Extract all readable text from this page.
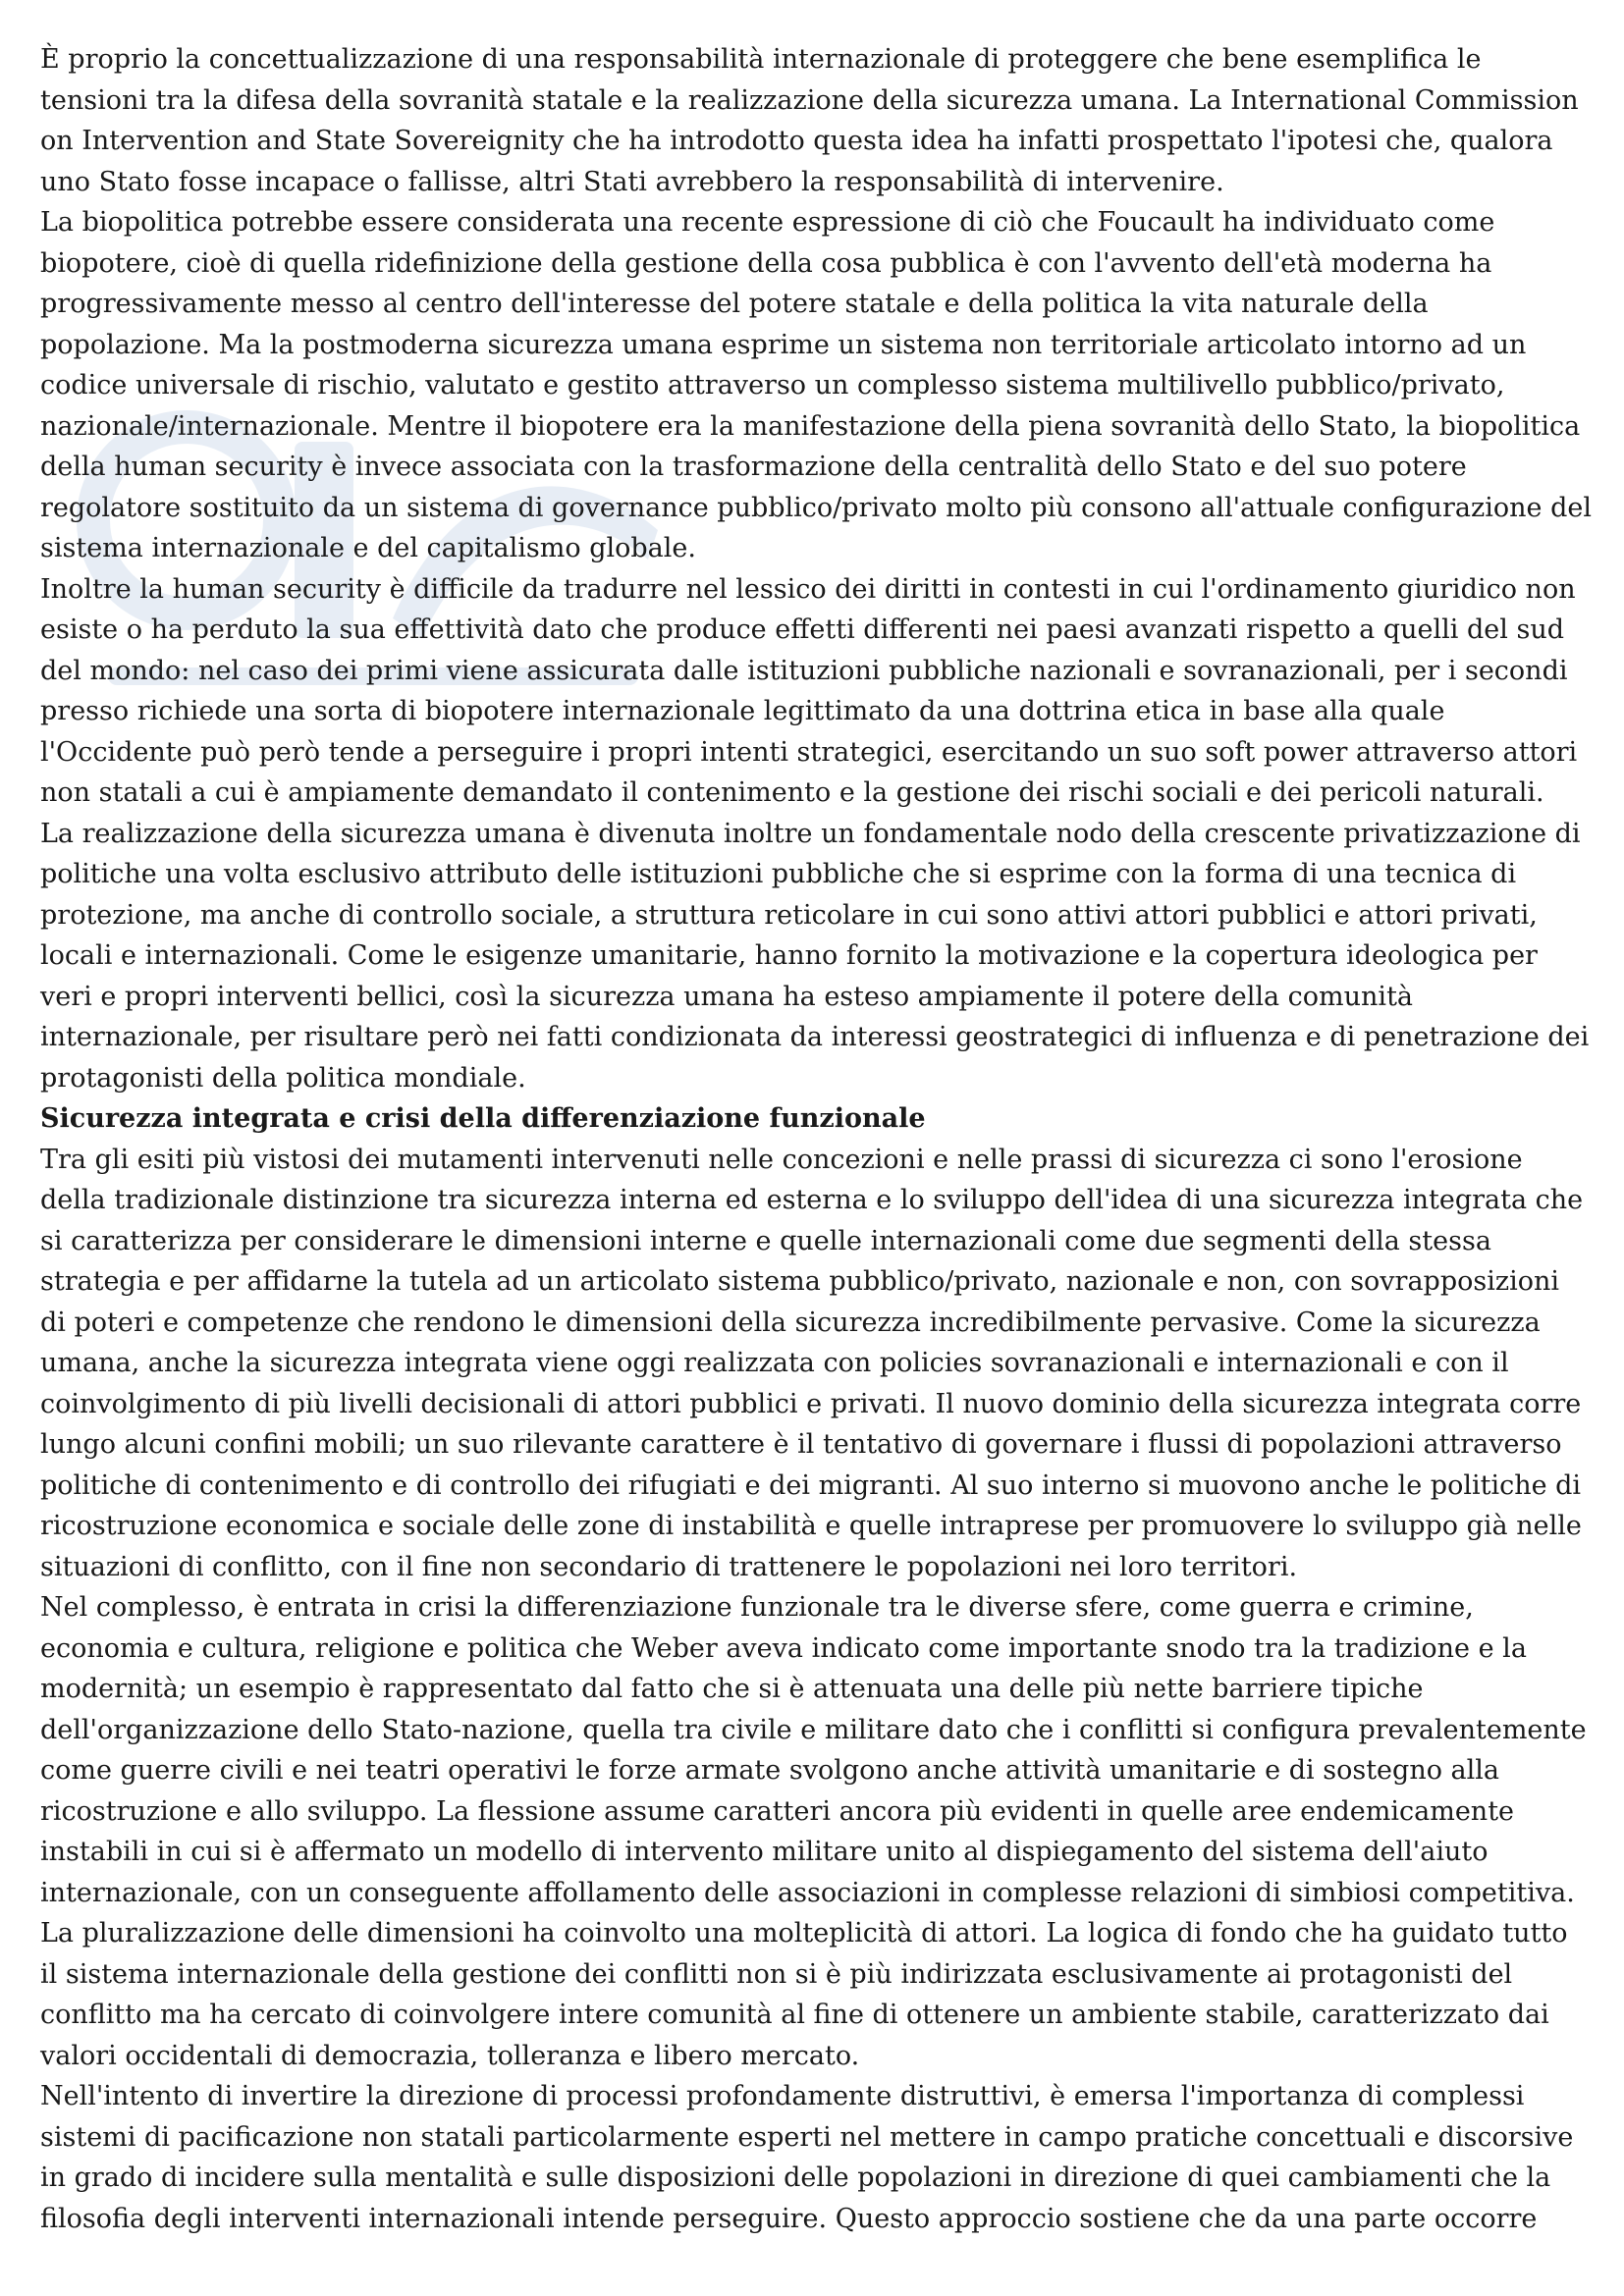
È proprio la concettualizzazione di una responsabilità internazionale di proteggere che bene esemplifica le tensioni tra la difesa della sovranità statale e la realizzazione della sicurezza umana. La International Commission on Intervention and State Sovereignity che ha introdotto questa idea ha infatti prospettato l'ipotesi che, qualora uno Stato fosse incapace o fallisse, altri Stati avrebbero la responsabilità di intervenire.

La biopolitica potrebbe essere considerata una recente espressione di ciò che Foucault ha individuato come biopotere, cioè di quella ridefinizione della gestione della cosa pubblica è con l'avvento dell'età moderna ha progressivamente messo al centro dell'interesse del potere statale e della politica la vita naturale della popolazione. Ma la postmoderna sicurezza umana esprime un sistema non territoriale articolato intorno ad un codice universale di rischio, valutato e gestito attraverso un complesso sistema multilivello pubblico/privato, nazionale/internazionale. Mentre il biopotere era la manifestazione della piena sovranità dello Stato, la biopolitica della human security è invece associata con la trasformazione della centralità dello Stato e del suo potere regolatore sostituito da un sistema di governance pubblico/privato molto più consono all'attuale configurazione del sistema internazionale e del capitalismo globale.

Inoltre la human security è difficile da tradurre nel lessico dei diritti in contesti in cui l'ordinamento giuridico non esiste o ha perduto la sua effettività dato che produce effetti differenti nei paesi avanzati rispetto a quelli del sud del mondo: nel caso dei primi viene assicurata dalle istituzioni pubbliche nazionali e sovranazionali, per i secondi presso richiede una sorta di biopotere internazionale legittimato da una dottrina etica in base alla quale l'Occidente può però tende a perseguire i propri intenti strategici, esercitando un suo soft power attraverso attori non statali a cui è ampiamente demandato il contenimento e la gestione dei rischi sociali e dei pericoli naturali.

La realizzazione della sicurezza umana è divenuta inoltre un fondamentale nodo della crescente privatizzazione di politiche una volta esclusivo attributo delle istituzioni pubbliche che si esprime con la forma di una tecnica di protezione, ma anche di controllo sociale, a struttura reticolare in cui sono attivi attori pubblici e attori privati, locali e internazionali. Come le esigenze umanitarie, hanno fornito la motivazione e la copertura ideologica per veri e propri interventi bellici, così la sicurezza umana ha esteso ampiamente il potere della comunità internazionale, per risultare però nei fatti condizionata da interessi geostrategici di influenza e di penetrazione dei protagonisti della politica mondiale.

Sicurezza integrata e crisi della differenziazione funzionale

Tra gli esiti più vistosi dei mutamenti intervenuti nelle concezioni e nelle prassi di sicurezza ci sono l'erosione della tradizionale distinzione tra sicurezza interna ed esterna e lo sviluppo dell'idea di una sicurezza integrata che si caratterizza per considerare le dimensioni interne e quelle internazionali come due segmenti della stessa strategia e per affidarne la tutela ad un articolato sistema pubblico/privato, nazionale e non, con sovrapposizioni di poteri e competenze che rendono le dimensioni della sicurezza incredibilmente pervasive. Come la sicurezza umana, anche la sicurezza integrata viene oggi realizzata con policies sovranazionali e internazionali e con il coinvolgimento di più livelli decisionali di attori pubblici e privati. Il nuovo dominio della sicurezza integrata corre lungo alcuni confini mobili; un suo rilevante carattere è il tentativo di governare i flussi di popolazioni attraverso politiche di contenimento e di controllo dei rifugiati e dei migranti. Al suo interno si muovono anche le politiche di ricostruzione economica e sociale delle zone di instabilità e quelle intraprese per promuovere lo sviluppo già nelle situazioni di conflitto, con il fine non secondario di trattenere le popolazioni nei loro territori.

Nel complesso, è entrata in crisi la differenziazione funzionale tra le diverse sfere, come guerra e crimine, economia e cultura, religione e politica che Weber aveva indicato come importante snodo tra la tradizione e la modernità; un esempio è rappresentato dal fatto che si è attenuata una delle più nette barriere tipiche dell'organizzazione dello Stato-nazione, quella tra civile e militare dato che i conflitti si configura prevalentemente come guerre civili e nei teatri operativi le forze armate svolgono anche attività umanitarie e di sostegno alla ricostruzione e allo sviluppo. La flessione assume caratteri ancora più evidenti in quelle aree endemicamente instabili in cui si è affermato un modello di intervento militare unito al dispiegamento del sistema dell'aiuto internazionale, con un conseguente affollamento delle associazioni in complesse relazioni di simbiosi competitiva.

La pluralizzazione delle dimensioni ha coinvolto una molteplicità di attori. La logica di fondo che ha guidato tutto il sistema internazionale della gestione dei conflitti non si è più indirizzata esclusivamente ai protagonisti del conflitto ma ha cercato di coinvolgere intere comunità al fine di ottenere un ambiente stabile, caratterizzato dai valori occidentali di democrazia, tolleranza e libero mercato.

Nell'intento di invertire la direzione di processi profondamente distruttivi, è emersa l'importanza di complessi sistemi di pacificazione non statali particolarmente esperti nel mettere in campo pratiche concettuali e discorsive in grado di incidere sulla mentalità e sulle disposizioni delle popolazioni in direzione di quei cambiamenti che la filosofia degli interventi internazionali intende perseguire. Questo approccio sostiene che da una parte occorre
